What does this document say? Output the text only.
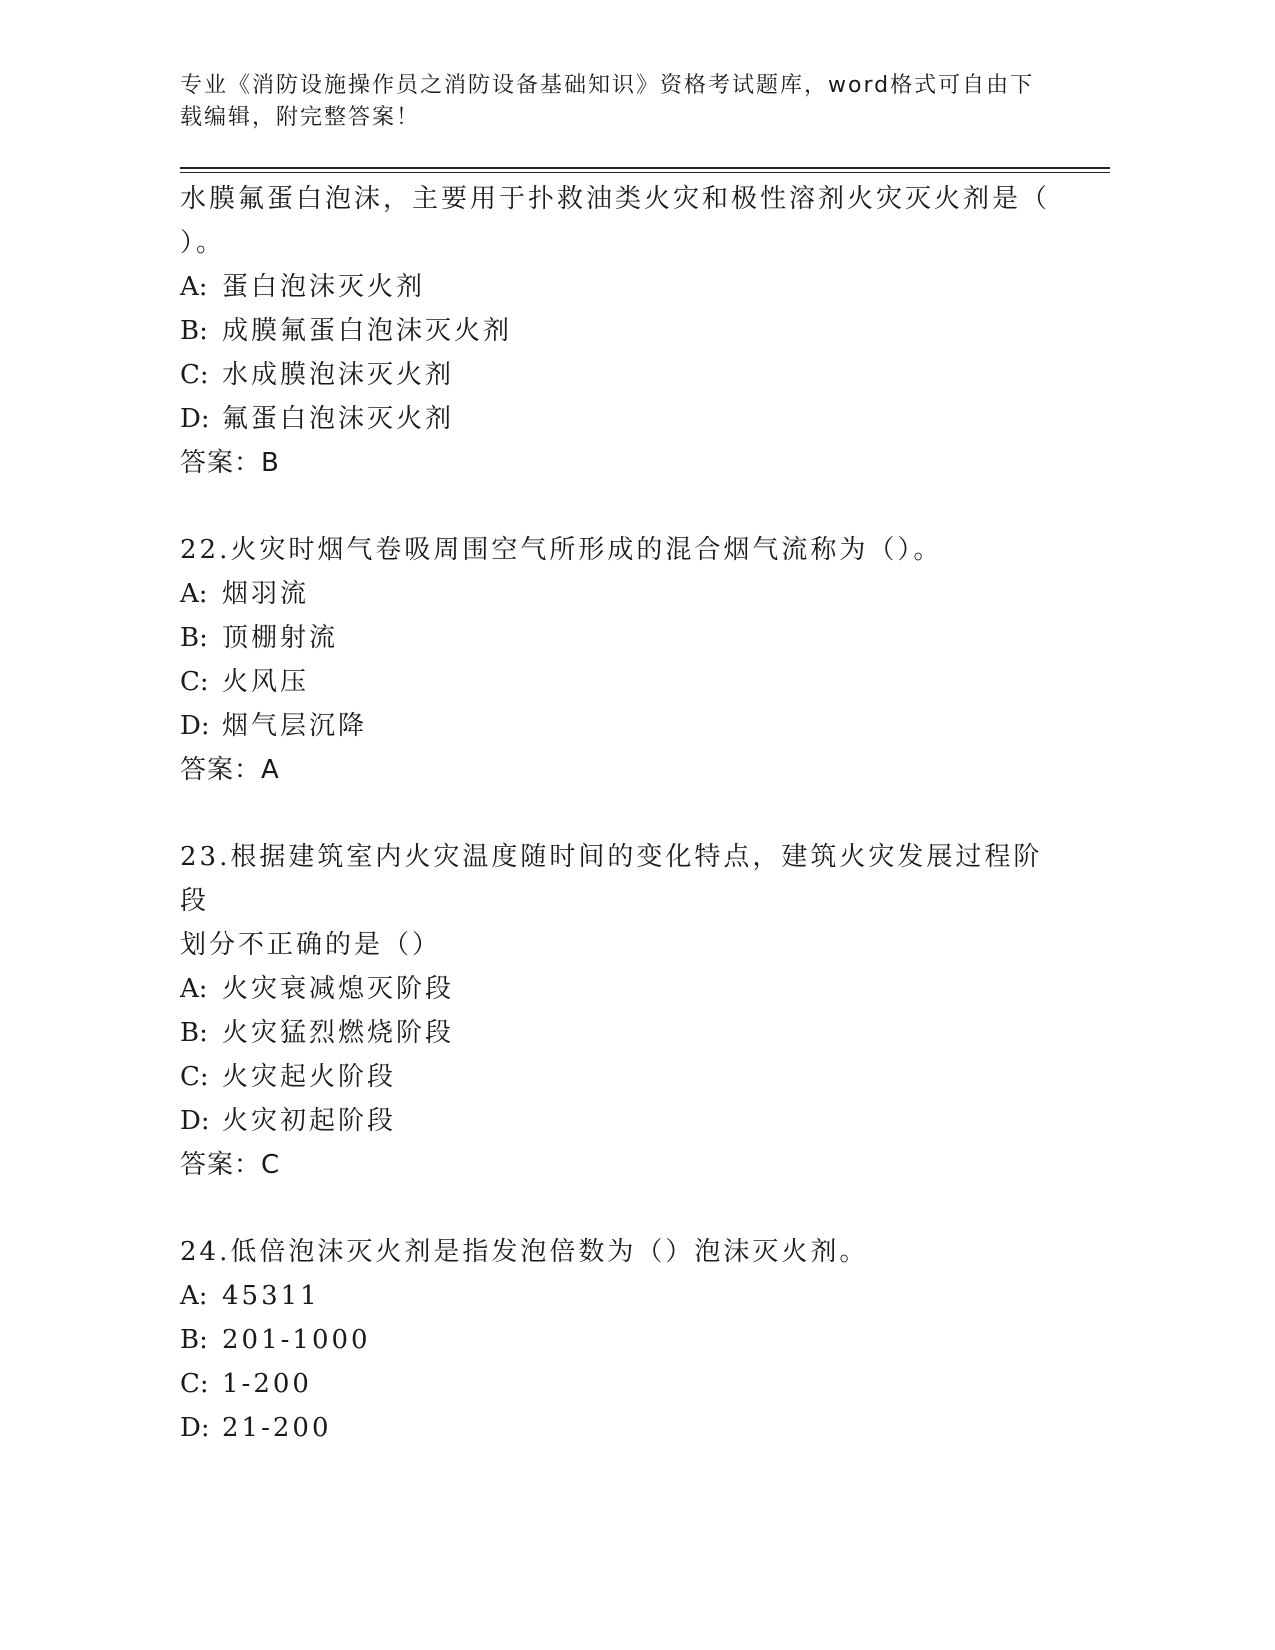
专业《消防设施操作员之消防设备基础知识》资格考试题库，word格式可自由下
载编辑，附完整答案！
水膜氟蛋白泡沫，主要用于扑救油类火灾和极性溶剂火灾灭火剂是（
）。
A: 蛋白泡沫灭火剂
B: 成膜氟蛋白泡沫灭火剂
C: 水成膜泡沫灭火剂
D: 氟蛋白泡沫灭火剂
答案：B
22.火灾时烟气卷吸周围空气所形成的混合烟气流称为（）。
A: 烟羽流
B: 顶棚射流
C: 火风压
D: 烟气层沉降
答案：A
23.根据建筑室内火灾温度随时间的变化特点，建筑火灾发展过程阶段
划分不正确的是（）
A: 火灾衰减熄灭阶段
B: 火灾猛烈燃烧阶段
C: 火灾起火阶段
D: 火灾初起阶段
答案：C
24.低倍泡沫灭火剂是指发泡倍数为（）泡沫灭火剂。
A: 45311
B: 201-1000
C: 1-200
D: 21-200
